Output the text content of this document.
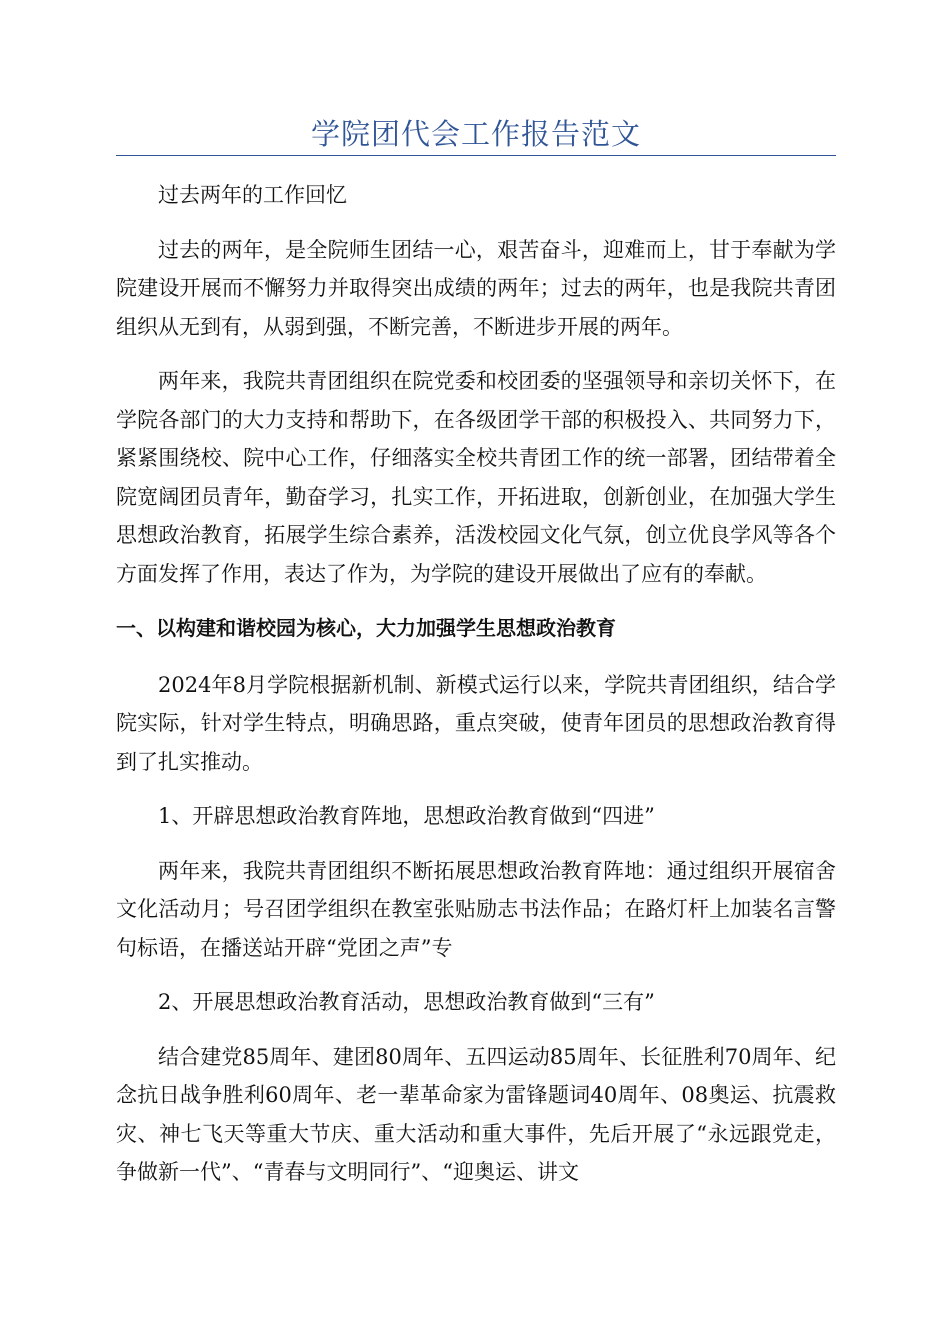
学院团代会工作报告范文

过去两年的工作回忆

过去的两年，是全院师生团结一心，艰苦奋斗，迎难而上，甘于奉献为学院建设开展而不懈努力并取得突出成绩的两年；过去的两年，也是我院共青团组织从无到有，从弱到强，不断完善，不断进步开展的两年。

两年来，我院共青团组织在院党委和校团委的坚强领导和亲切关怀下，在学院各部门的大力支持和帮助下，在各级团学干部的积极投入、共同努力下，紧紧围绕校、院中心工作，仔细落实全校共青团工作的统一部署，团结带着全院宽阔团员青年，勤奋学习，扎实工作，开拓进取，创新创业，在加强大学生思想政治教育，拓展学生综合素养，活泼校园文化气氛，创立优良学风等各个方面发挥了作用，表达了作为，为学院的建设开展做出了应有的奉献。

一、以构建和谐校园为核心，大力加强学生思想政治教育

2024年8月学院根据新机制、新模式运行以来，学院共青团组织，结合学院实际，针对学生特点，明确思路，重点突破，使青年团员的思想政治教育得到了扎实推动。

1、开辟思想政治教育阵地，思想政治教育做到“四进”

两年来，我院共青团组织不断拓展思想政治教育阵地：通过组织开展宿舍文化活动月；号召团学组织在教室张贴励志书法作品；在路灯杆上加装名言警句标语，在播送站开辟“党团之声”专

2、开展思想政治教育活动，思想政治教育做到“三有”

结合建党85周年、建团80周年、五四运动85周年、长征胜利70周年、纪念抗日战争胜利60周年、老一辈革命家为雷锋题词40周年、08奥运、抗震救灾、神七飞天等重大节庆、重大活动和重大事件，先后开展了“永远跟党走，争做新一代”、“青春与文明同行”、“迎奥运、讲文
